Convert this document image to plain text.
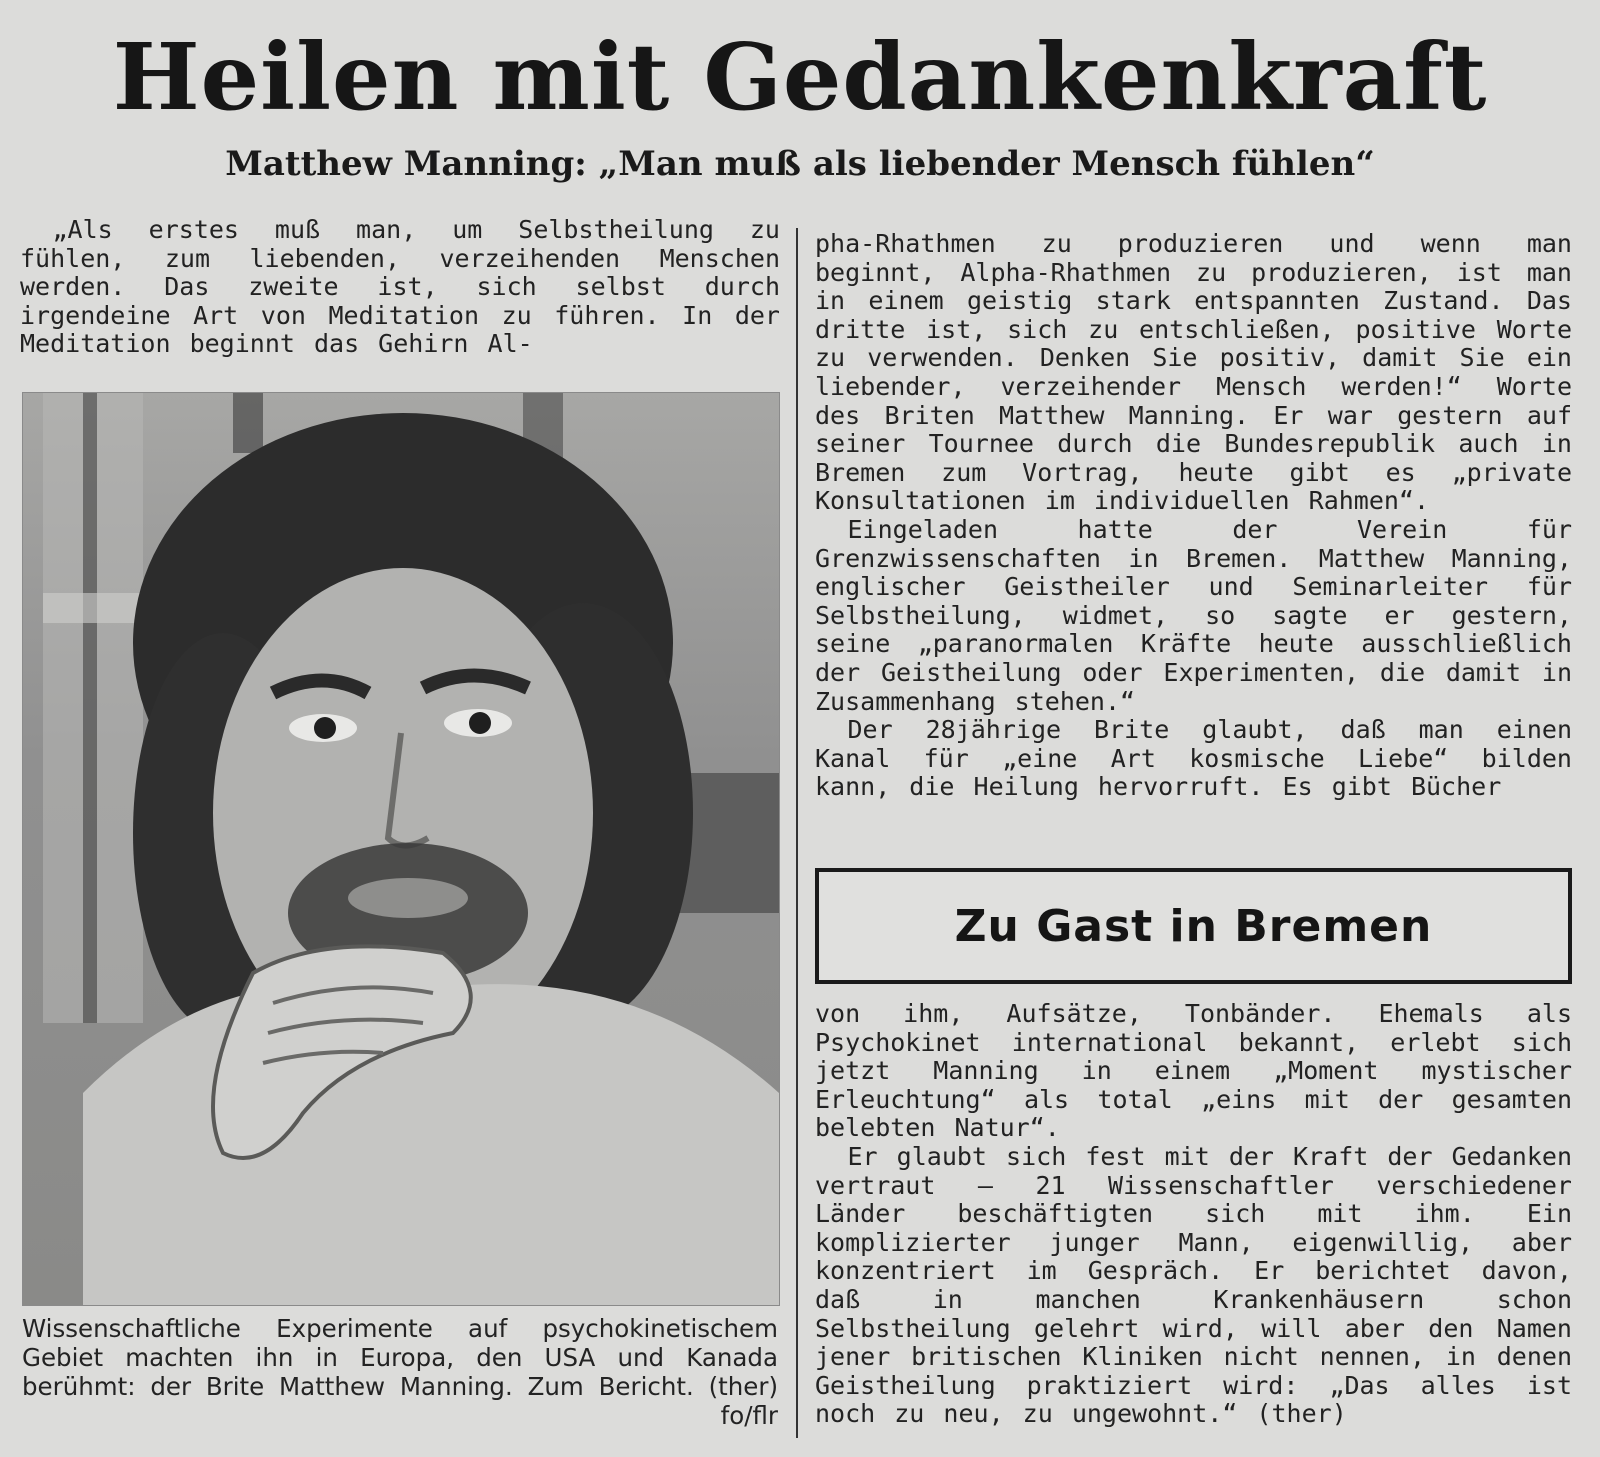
Heilen mit Gedankenkraft
Matthew Manning: „Man muß als liebender Mensch fühlen“

„Als erstes muß man, um Selbstheilung zu fühlen, zum liebenden, verzeihenden Menschen werden. Das zweite ist, sich selbst durch irgendeine Art von Meditation zu führen. In der Meditation beginnt das Gehirn Al-

Wissenschaftliche Experimente auf psychokinetischem Gebiet machten ihn in Europa, den USA und Kanada berühmt: der Brite Matthew Manning. Zum Bericht. (ther)
fo/flr

pha-Rhathmen zu produzieren und wenn man beginnt, Alpha-Rhathmen zu produzieren, ist man in einem geistig stark entspannten Zustand. Das dritte ist, sich zu entschließen, positive Worte zu verwenden. Denken Sie positiv, damit Sie ein liebender, verzeihender Mensch werden!“ Worte des Briten Matthew Manning. Er war gestern auf seiner Tournee durch die Bundesrepublik auch in Bremen zum Vortrag, heute gibt es „private Konsultationen im individuellen Rahmen“.

Eingeladen hatte der Verein für Grenzwissenschaften in Bremen. Matthew Manning, englischer Geistheiler und Seminarleiter für Selbstheilung, widmet, so sagte er gestern, seine „paranormalen Kräfte heute ausschließlich der Geistheilung oder Experimenten, die damit in Zusammenhang stehen.“

Der 28jährige Brite glaubt, daß man einen Kanal für „eine Art kosmische Liebe“ bilden kann, die Heilung hervorruft. Es gibt Bücher

Zu Gast in Bremen

von ihm, Aufsätze, Tonbänder. Ehemals als Psychokinet international bekannt, erlebt sich jetzt Manning in einem „Moment mystischer Erleuchtung“ als total „eins mit der gesamten belebten Natur“.

Er glaubt sich fest mit der Kraft der Gedanken vertraut — 21 Wissenschaftler verschiedener Länder beschäftigten sich mit ihm. Ein komplizierter junger Mann, eigenwillig, aber konzentriert im Gespräch. Er berichtet davon, daß in manchen Krankenhäusern schon Selbstheilung gelehrt wird, will aber den Namen jener britischen Kliniken nicht nennen, in denen Geistheilung praktiziert wird: „Das alles ist noch zu neu, zu ungewohnt.“ (ther)
